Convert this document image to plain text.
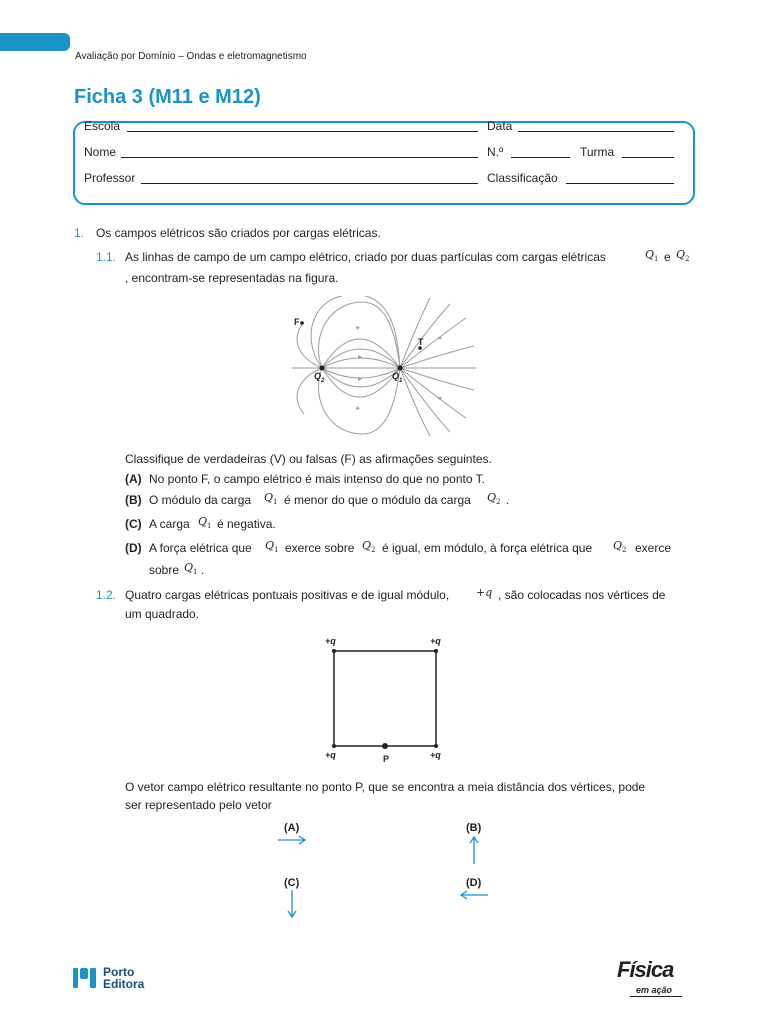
Avaliação por Domínio – Ondas e eletromagnetismo
Ficha 3 (M11 e M12)
Escola	Data
Nome	N.º	Turma
Professor	Classificação
1. Os campos elétricos são criados por cargas elétricas.
1.1. As linhas de campo de um campo elétrico, criado por duas partículas com cargas elétricas	$Q_1$ e $Q_2$
, encontram-se representadas na figura.
F
T
$Q_2$	$Q_1$
Classifique de verdadeiras (V) ou falsas (F) as afirmações seguintes.
(A) No ponto F, o campo elétrico é mais intenso do que no ponto T.
(B) O módulo da carga $Q_1$ é menor do que o módulo da carga $Q_2$ .
(C) A carga $Q_1$ é negativa.
(D) A força elétrica que $Q_1$ exerce sobre $Q_2$ é igual, em módulo, à força elétrica que $Q_2$ exerce
sobre $Q_1$ .
1.2. Quatro cargas elétricas pontuais positivas e de igual módulo, +q , são colocadas nos vértices de
um quadrado.
+q	+q
+q	+q
P
O vetor campo elétrico resultante no ponto P, que se encontra a meia distância dos vértices, pode
ser representado pelo vetor
(A)	(B)
(C)	(D)
Porto
Editora
Física
em ação
